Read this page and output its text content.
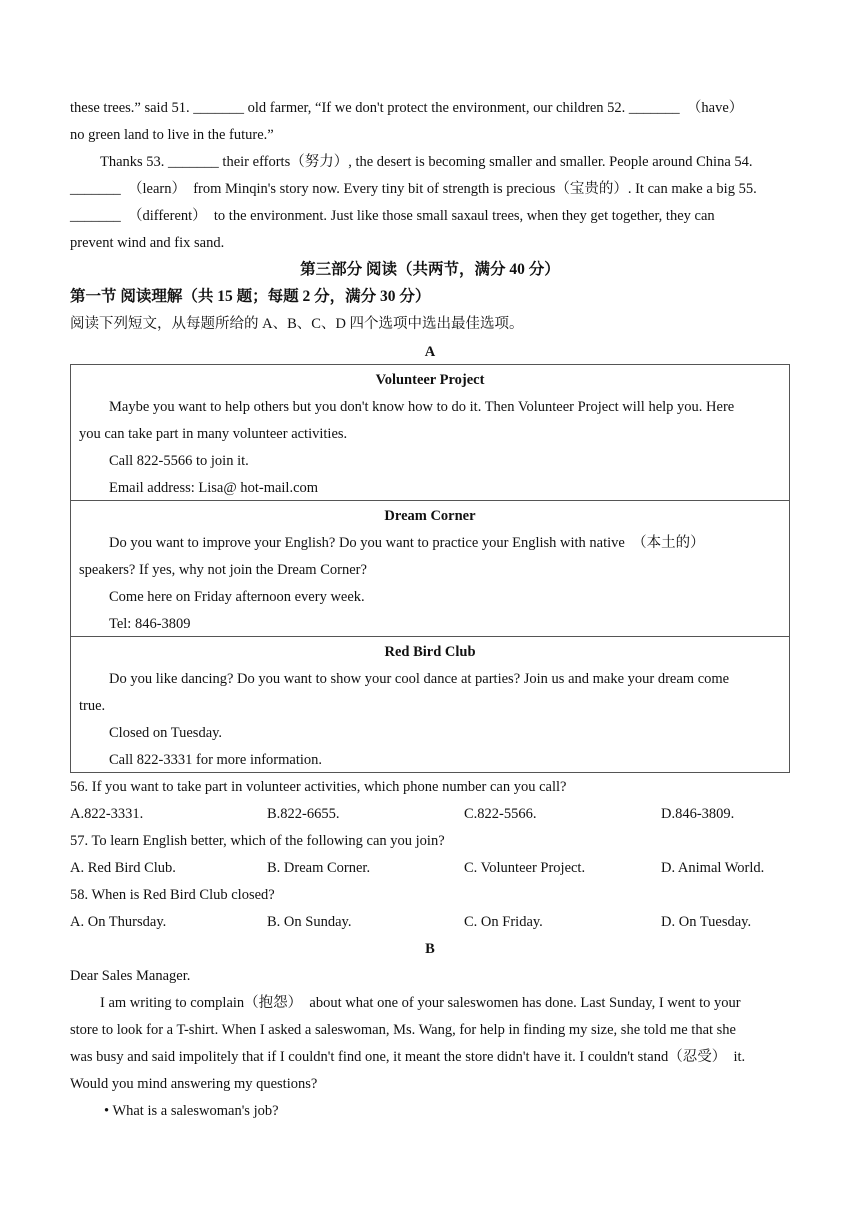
these trees.” said 51. _______ old farmer, “If we don't protect the environment, our children 52. _______　（have）
no green land to live in the future.”
Thanks 53. _______ their efforts（努力）, the desert is becoming smaller and smaller. People around China 54.
_______　（learn）　from Minqin's story now. Every tiny bit of strength is precious（宝贵的）. It can make a big 55.
_______　（different）　to the environment. Just like those small saxaul trees, when they get together, they can
prevent wind and fix sand.
第三部分 阅读（共两节，满分 40 分）
第一节 阅读理解（共 15 题；每题 2 分，满分 30 分）
阅读下列短文，从每题所给的 A、B、C、D 四个选项中选出最佳选项。
A
Volunteer Project
Maybe you want to help others but you don't know how to do it. Then Volunteer Project will help you. Here
you can take part in many volunteer activities.
Call 822-5566 to join it.
Email address: Lisa@ hot-mail.com
Dream Corner
Do you want to improve your English? Do you want to practice your English with native　（本土的）
speakers? If yes, why not join the Dream Corner?
Come here on Friday afternoon every week.
Tel: 846-3809
Red Bird Club
Do you like dancing? Do you want to show your cool dance at parties? Join us and make your dream come
true.
Closed on Tuesday.
Call 822-3331 for more information.
56. If you want to take part in volunteer activities, which phone number can you call?
A.822-3331.	B.822-6655.	C.822-5566.	D.846-3809.
57. To learn English better, which of the following can you join?
A. Red Bird Club.	B. Dream Corner.	C. Volunteer Project.	D. Animal World.
58. When is Red Bird Club closed?
A. On Thursday.	B. On Sunday.	C. On Friday.	D. On Tuesday.
B
Dear Sales Manager.
I am writing to complain（抱怨）　about what one of your saleswomen has done. Last Sunday, I went to your
store to look for a T-shirt. When I asked a saleswoman, Ms. Wang, for help in finding my size, she told me that she
was busy and said impolitely that if I couldn't find one, it meant the store didn't have it. I couldn't stand（忍受）　it.
Would you mind answering my questions?
• What is a saleswoman's job?
